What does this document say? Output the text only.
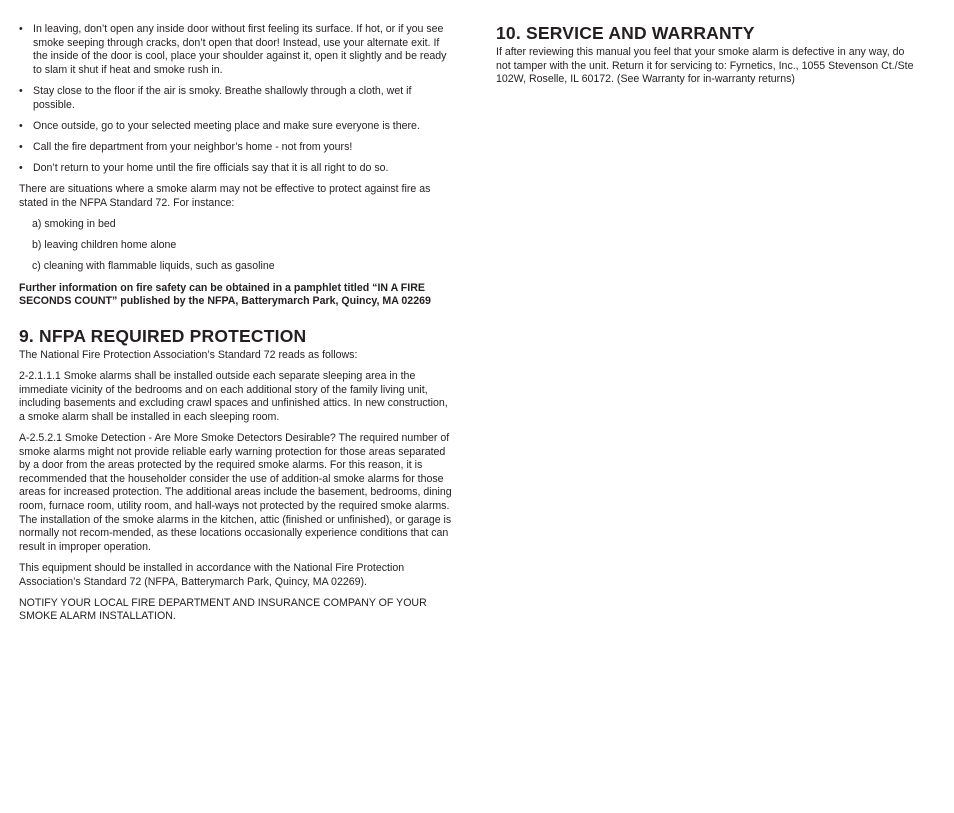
• In leaving, don’t open any inside door without first feeling its surface. If hot, or if you see smoke seeping through cracks, don’t open that door! Instead, use your alternate exit. If the inside of the door is cool, place your shoulder against it, open it slightly and be ready to slam it shut if heat and smoke rush in.
• Stay close to the floor if the air is smoky. Breathe shallowly through a cloth, wet if possible.
• Once outside, go to your selected meeting place and make sure everyone is there.
• Call the fire department from your neighbor’s home - not from yours!
• Don’t return to your home until the fire officials say that it is all right to do so.

There are situations where a smoke alarm may not be effective to protect against fire as stated in the NFPA Standard 72. For instance:

a) smoking in bed

b) leaving children home alone

c) cleaning with flammable liquids, such as gasoline

Further information on fire safety can be obtained in a pamphlet titled “IN A FIRE SECONDS COUNT” published by the NFPA, Batterymarch Park, Quincy, MA 02269

9. NFPA REQUIRED PROTECTION

The National Fire Protection Association’s Standard 72 reads as follows:

2-2.1.1.1 Smoke alarms shall be installed outside each separate sleeping area in the immediate vicinity of the bedrooms and on each additional story of the family living unit, including basements and excluding crawl spaces and unfinished attics. In new construction, a smoke alarm shall be installed in each sleeping room.

A-2.5.2.1 Smoke Detection - Are More Smoke Detectors Desirable? The required number of smoke alarms might not provide reliable early warning protection for those areas separated by a door from the areas protected by the required smoke alarms. For this reason, it is recommended that the householder consider the use of addition-al smoke alarms for those areas for increased protection. The additional areas include the basement, bedrooms, dining room, furnace room, utility room, and hall-ways not protected by the required smoke alarms. The installation of the smoke alarms in the kitchen, attic (finished or unfinished), or garage is normally not recom-mended, as these locations occasionally experience conditions that can result in improper operation.

This equipment should be installed in accordance with the National Fire Protection Association’s Standard 72 (NFPA, Batterymarch Park, Quincy, MA 02269).

NOTIFY YOUR LOCAL FIRE DEPARTMENT AND INSURANCE COMPANY OF YOUR SMOKE ALARM INSTALLATION.

10. SERVICE AND WARRANTY

If after reviewing this manual you feel that your smoke alarm is defective in any way, do not tamper with the unit. Return it for servicing to: Fyrnetics, Inc., 1055 Stevenson Ct./Ste 102W, Roselle, IL 60172. (See Warranty for in-warranty returns)
